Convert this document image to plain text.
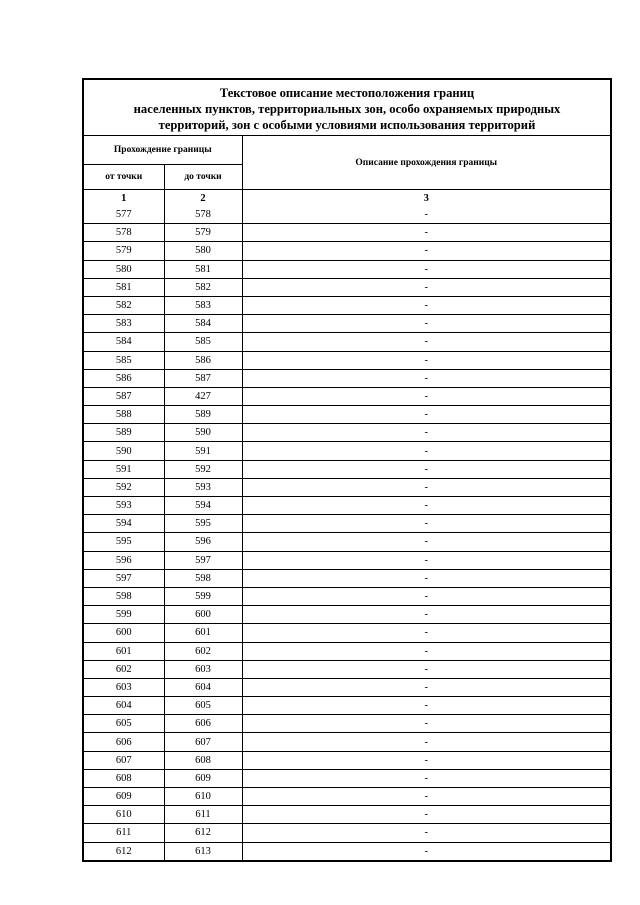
Текстовое описание местоположения границ
населенных пунктов, территориальных зон, особо охраняемых природных
территорий, зон с особыми условиями использования территорий
Прохождение границы		Описание прохождения границы
от точки	до точки	
1	2	3
577	578	-
578	579	-
579	580	-
580	581	-
581	582	-
582	583	-
583	584	-
584	585	-
585	586	-
586	587	-
587	427	-
588	589	-
589	590	-
590	591	-
591	592	-
592	593	-
593	594	-
594	595	-
595	596	-
596	597	-
597	598	-
598	599	-
599	600	-
600	601	-
601	602	-
602	603	-
603	604	-
604	605	-
605	606	-
606	607	-
607	608	-
608	609	-
609	610	-
610	611	-
611	612	-
612	613	-
